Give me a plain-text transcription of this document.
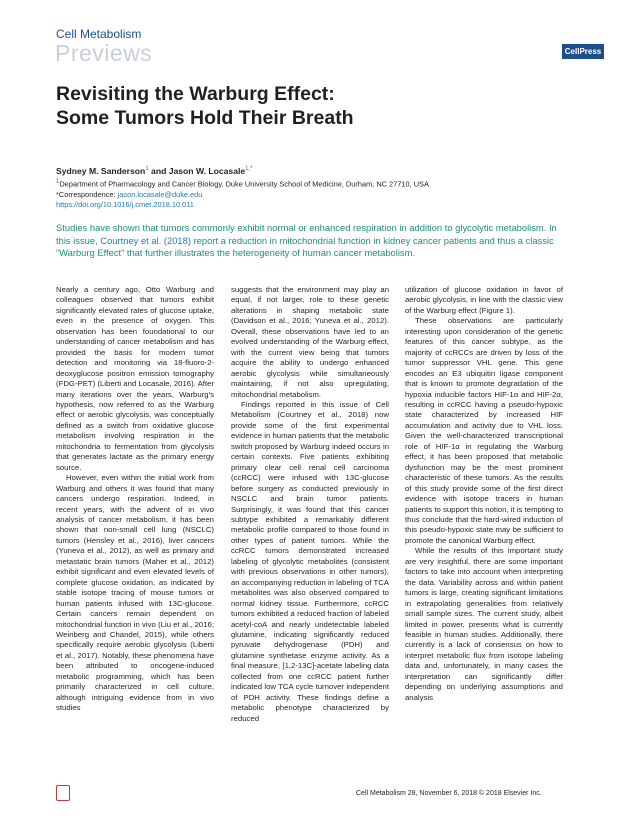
Cell Metabolism
Previews	CellPress
Revisiting the Warburg Effect:
Some Tumors Hold Their Breath
Sydney M. Sanderson$^1$ and Jason W. Locasale$^{1,*}$
$^1$Department of Pharmacology and Cancer Biology, Duke University School of Medicine, Durham, NC 27710, USA
*Correspondence: jason.locasale@duke.edu
https://doi.org/10.1016/j.cmet.2018.10.011
Studies have shown that tumors commonly exhibit normal or enhanced respiration in addition to glycolytic metabolism. In this issue, Courtney et al. (2018) report a reduction in mitochondrial function in kidney cancer patients and thus a classic “Warburg Effect” that further illustrates the heterogeneity of human cancer metabolism.

Nearly a century ago, Otto Warburg and colleagues observed that tumors exhibit significantly elevated rates of glucose uptake, even in the presence of oxygen. This observation has been foundational to our understanding of cancer metabolism and has provided the basis for modern tumor detection and monitoring via 18-fluoro-2-deoxyglucose positron emission tomography (FDG-PET) (Liberti and Locasale, 2016). After many iterations over the years, Warburg’s hypothesis, now referred to as the Warburg effect or aerobic glycolysis, was conceptually defined as a switch from oxidative glucose metabolism involving respiration in the mitochondria to fermentation from glycolysis that generates lactate as the primary energy source.

However, even within the initial work from Warburg and others it was found that many cancers undergo respiration. Indeed, in recent years, with the advent of in vivo analysis of cancer metabolism, it has been shown that non-small cell lung (NSCLC) tumors (Hensley et al., 2016), liver cancers (Yuneva et al., 2012), as well as primary and metastatic brain tumors (Maher et al., 2012) exhibit significant and even elevated levels of complete glucose oxidation, as indicated by stable isotope tracing of mouse tumors or human patients infused with 13C-glucose. Certain cancers remain dependent on mitochondrial function in vivo (Liu et al., 2016; Weinberg and Chandel, 2015), while others specifically require aerobic glycolysis (Liberti et al., 2017). Notably, these phenomena have been attributed to oncogene-induced metabolic programming, which has been primarily characterized in cell culture, although intriguing evidence from in vivo studies

suggests that the environment may play an equal, if not larger, role to these genetic alterations in shaping metabolic state (Davidson et al., 2016; Yuneva et al., 2012). Overall, these observations have led to an evolved understanding of the Warburg effect, with the current view being that tumors acquire the ability to undergo enhanced aerobic glycolysis while simultaneously maintaining, if not also upregulating, mitochondrial metabolism.

Findings reported in this issue of Cell Metabolism (Courtney et al., 2018) now provide some of the first experimental evidence in human patients that the metabolic switch proposed by Warburg indeed occurs in certain contexts. Five patients exhibiting primary clear cell renal cell carcinoma (ccRCC) were infused with 13C-glucose before surgery as conducted previously in NSCLC and brain tumor patients. Surprisingly, it was found that this cancer subtype exhibited a remarkably different metabolic profile compared to those found in other types of patient tumors. While the ccRCC tumors demonstrated increased labeling of glycolytic metabolites (consistent with previous observations in other tumors), an accompanying reduction in labeling of TCA metabolites was also observed compared to normal kidney tissue. Furthermore, ccRCC tumors exhibited a reduced fraction of labeled acetyl-coA and nearly undetectable labeled glutamine, indicating significantly reduced pyruvate dehydrogenase (PDH) and glutamine synthetase enzyme activity. As a final measure, [1,2-13C]-acetate labeling data collected from one ccRCC patient further indicated low TCA cycle turnover independent of PDH activity. These findings define a metabolic phenotype characterized by reduced

utilization of glucose oxidation in favor of aerobic glycolysis, in line with the classic view of the Warburg effect (Figure 1).

These observations are particularly interesting upon consideration of the genetic features of this cancer subtype, as the majority of ccRCCs are driven by loss of the tumor suppressor VHL gene. This gene encodes an E3 ubiquitin ligase component that is known to promote degradation of the hypoxia inducible factors HIF-1α and HIF-2α, resulting in ccRCC having a pseudo-hypoxic state characterized by increased HIF accumulation and activity due to VHL loss. Given the well-characterized transcriptional role of HIF-1α in regulating the Warburg effect, it has been proposed that metabolic dysfunction may be the most prominent characteristic of these tumors. As the results of this study provide some of the first direct evidence with isotope tracers in human patients to support this notion, it is tempting to thus conclude that the hard-wired induction of this pseudo-hypoxic state may be sufficient to promote the canonical Warburg effect.

While the results of this important study are very insightful, there are some important factors to take into account when interpreting the data. Variability across and within patient tumors is large, creating significant limitations in extrapolating generalities from relatively small sample sizes. The current study, albeit limited in power, presents what is currently feasible in human studies. Additionally, there currently is a lack of consensus on how to interpret metabolic flux from isotope labeling data and, unfortunately, in many cases the interpretation can significantly differ depending on underlying assumptions and analysis

Cell Metabolism 28, November 6, 2018 © 2018 Elsevier Inc.
